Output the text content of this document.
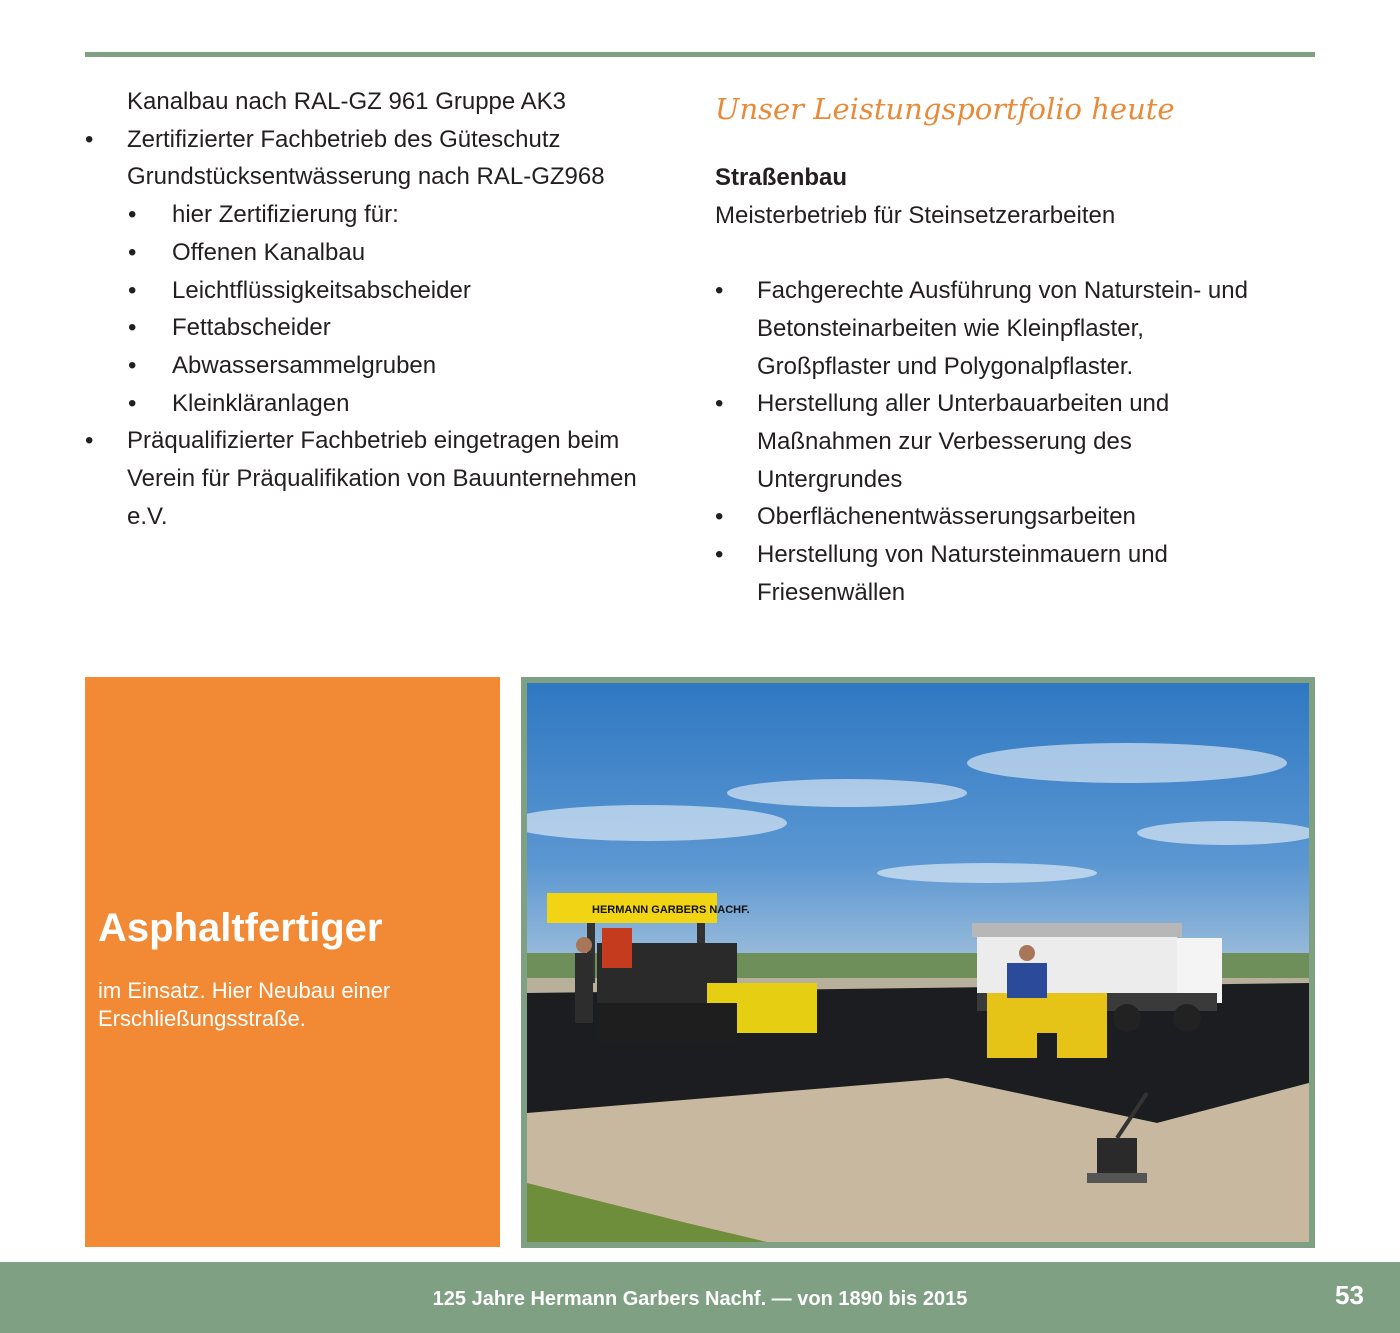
Kanalbau nach RAL-GZ 961 Gruppe AK3
• Zertifizierter Fachbetrieb des Güteschutz
Grundstücksentwässerung nach RAL-GZ968
• hier Zertifizierung für:
• Offenen Kanalbau
• Leichtflüssigkeitsabscheider
• Fettabscheider
• Abwassersammelgruben
• Kleinkläranlagen
• Präqualifizierter Fachbetrieb eingetragen beim
Verein für Präqualifikation von Bauunternehmen
e.V.
Unser Leistungsportfolio heute
Straßenbau
Meisterbetrieb für Steinsetzerarbeiten

• Fachgerechte Ausführung von Naturstein- und
Betonsteinarbeiten wie Kleinpflaster,
Großpflaster und Polygonalpflaster.
• Herstellung aller Unterbauarbeiten und
Maßnahmen zur Verbesserung des
Untergrundes
• Oberflächenentwässerungsarbeiten
• Herstellung von Natursteinmauern und
Friesenwällen
Asphaltfertiger
im Einsatz. Hier Neubau einer Erschließungsstraße.
HERMANN GARBERS NACHF.
125 Jahre Hermann Garbers Nachf. — von 1890 bis 2015	53
